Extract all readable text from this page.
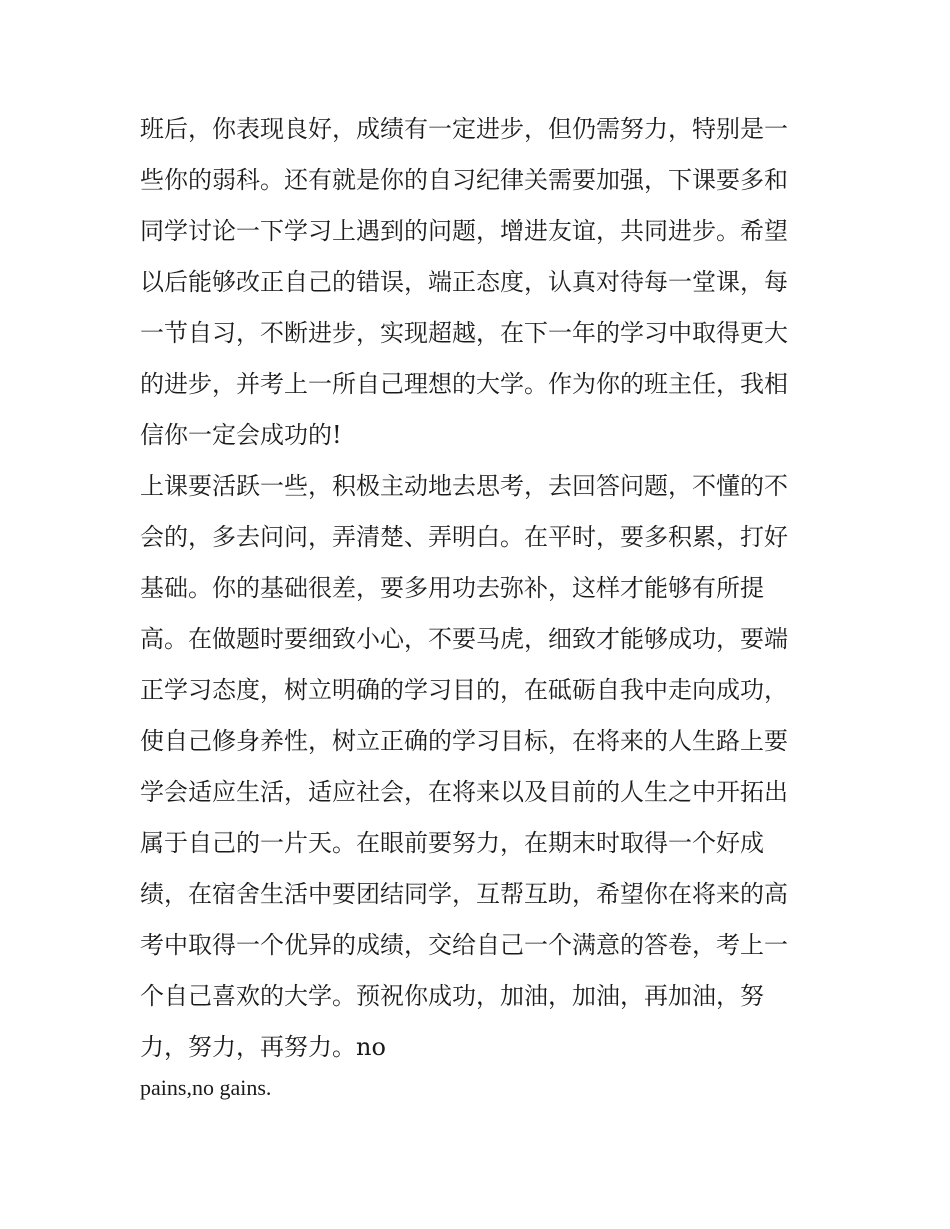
班后，你表现良好，成绩有一定进步，但仍需努力，特别是一
些你的弱科。还有就是你的自习纪律关需要加强，下课要多和
同学讨论一下学习上遇到的问题，增进友谊，共同进步。希望
以后能够改正自己的错误，端正态度，认真对待每一堂课，每
一节自习，不断进步，实现超越，在下一年的学习中取得更大
的进步，并考上一所自己理想的大学。作为你的班主任，我相
信你一定会成功的!
上课要活跃一些，积极主动地去思考，去回答问题，不懂的不
会的，多去问问，弄清楚、弄明白。在平时，要多积累，打好
基础。你的基础很差，要多用功去弥补，这样才能够有所提
高。在做题时要细致小心，不要马虎，细致才能够成功，要端
正学习态度，树立明确的学习目的，在砥砺自我中走向成功，
使自己修身养性，树立正确的学习目标，在将来的人生路上要
学会适应生活，适应社会，在将来以及目前的人生之中开拓出
属于自己的一片天。在眼前要努力，在期末时取得一个好成
绩，在宿舍生活中要团结同学，互帮互助，希望你在将来的高
考中取得一个优异的成绩，交给自己一个满意的答卷，考上一
个自己喜欢的大学。预祝你成功，加油，加油，再加油，努
力，努力，再努力。no
pains,no gains.
